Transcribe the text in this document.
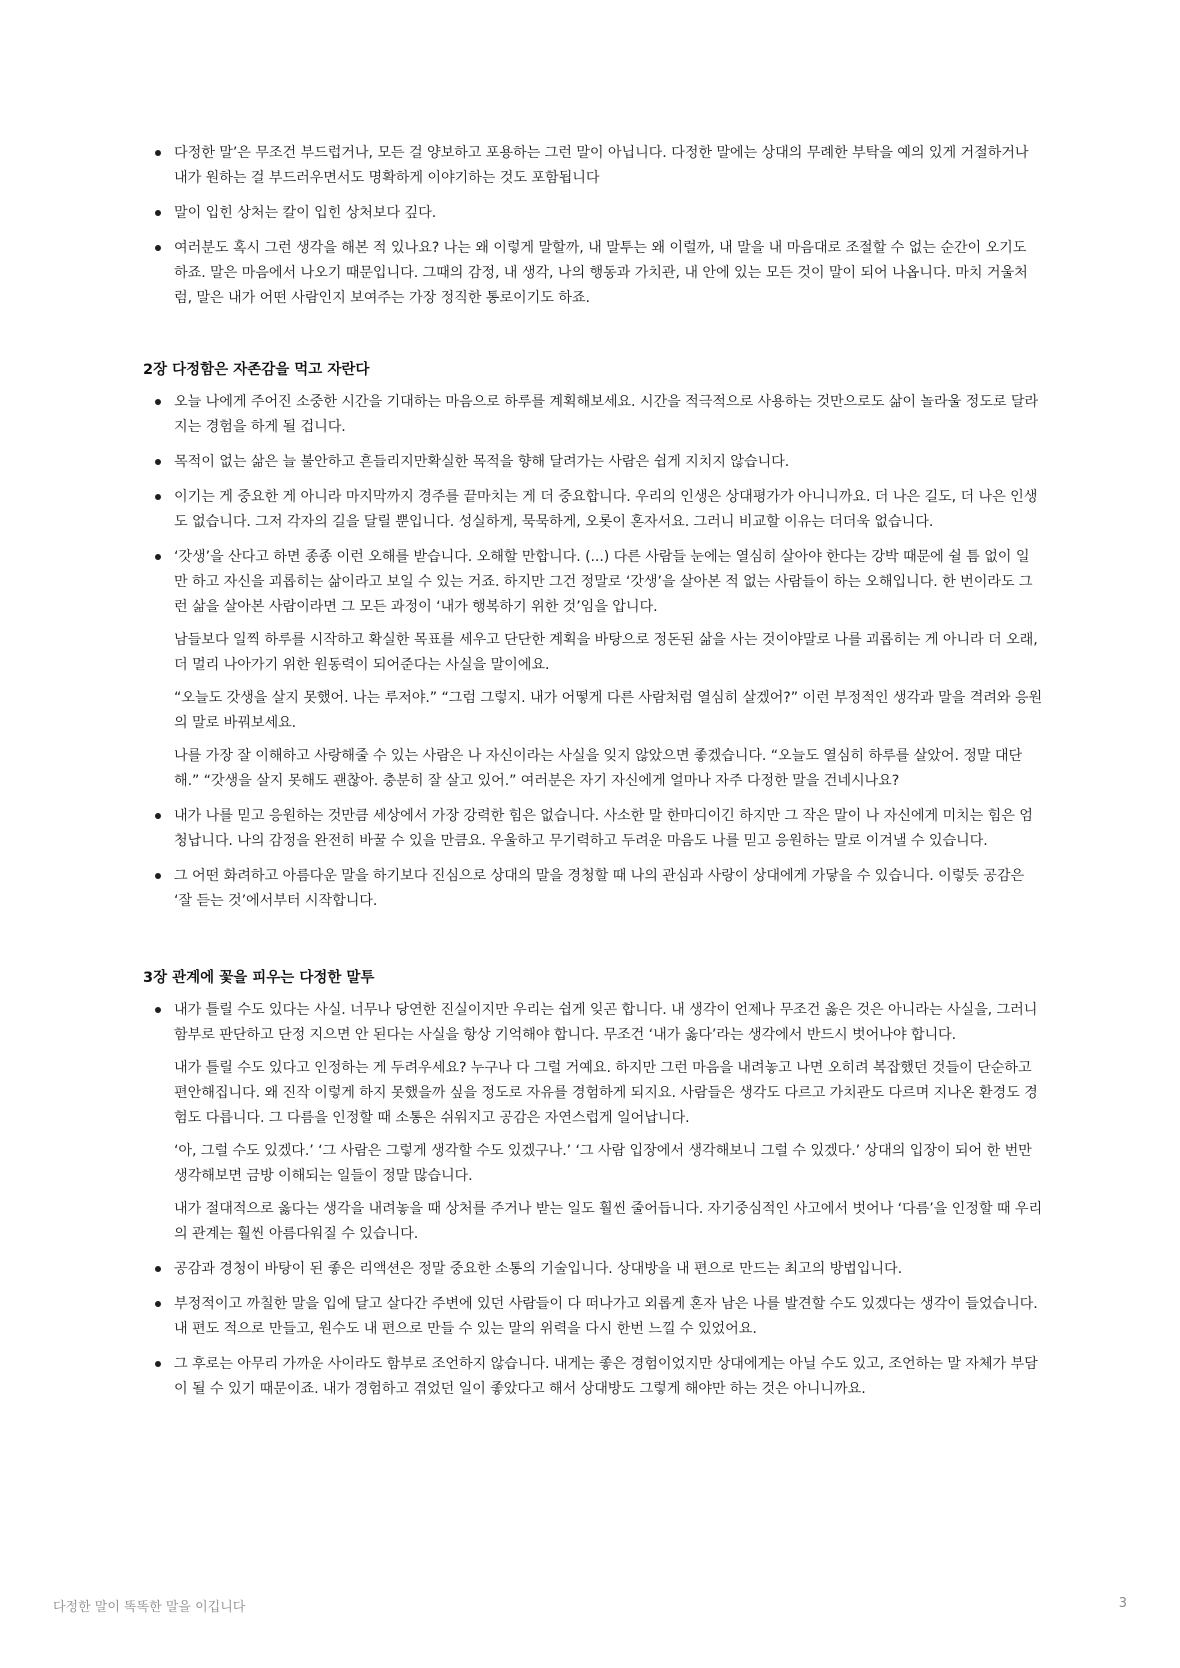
다정한 말’은 무조건 부드럽거나, 모든 걸 양보하고 포용하는 그런 말이 아닙니다. 다정한 말에는 상대의 무례한 부탁을 예의 있게 거절하거나 내가 원하는 걸 부드러우면서도 명확하게 이야기하는 것도 포함됩니다

말이 입힌 상처는 칼이 입힌 상처보다 깊다.

여러분도 혹시 그런 생각을 해본 적 있나요? 나는 왜 이렇게 말할까, 내 말투는 왜 이럴까, 내 말을 내 마음대로 조절할 수 없는 순간이 오기도 하죠. 말은 마음에서 나오기 때문입니다. 그때의 감정, 내 생각, 나의 행동과 가치관, 내 안에 있는 모든 것이 말이 되어 나옵니다. 마치 거울처럼, 말은 내가 어떤 사람인지 보여주는 가장 정직한 통로이기도 하죠.

2장 다정함은 자존감을 먹고 자란다

오늘 나에게 주어진 소중한 시간을 기대하는 마음으로 하루를 계획해보세요. 시간을 적극적으로 사용하는 것만으로도 삶이 놀라울 정도로 달라지는 경험을 하게 될 겁니다.

목적이 없는 삶은 늘 불안하고 흔들리지만확실한 목적을 향해 달려가는 사람은 쉽게 지치지 않습니다.

이기는 게 중요한 게 아니라 마지막까지 경주를 끝마치는 게 더 중요합니다. 우리의 인생은 상대평가가 아니니까요. 더 나은 길도, 더 나은 인생도 없습니다. 그저 각자의 길을 달릴 뿐입니다. 성실하게, 묵묵하게, 오롯이 혼자서요. 그러니 비교할 이유는 더더욱 없습니다.

‘갓생’을 산다고 하면 종종 이런 오해를 받습니다. 오해할 만합니다. (...) 다른 사람들 눈에는 열심히 살아야 한다는 강박 때문에 쉴 틈 없이 일만 하고 자신을 괴롭히는 삶이라고 보일 수 있는 거죠. 하지만 그건 정말로 ‘갓생’을 살아본 적 없는 사람들이 하는 오해입니다. 한 번이라도 그런 삶을 살아본 사람이라면 그 모든 과정이 ‘내가 행복하기 위한 것’임을 압니다.

남들보다 일찍 하루를 시작하고 확실한 목표를 세우고 단단한 계획을 바탕으로 정돈된 삶을 사는 것이야말로 나를 괴롭히는 게 아니라 더 오래, 더 멀리 나아가기 위한 원동력이 되어준다는 사실을 말이에요.

“오늘도 갓생을 살지 못했어. 나는 루저야.” “그럼 그렇지. 내가 어떻게 다른 사람처럼 열심히 살겠어?” 이런 부정적인 생각과 말을 격려와 응원의 말로 바꿔보세요.

나를 가장 잘 이해하고 사랑해줄 수 있는 사람은 나 자신이라는 사실을 잊지 않았으면 좋겠습니다. “오늘도 열심히 하루를 살았어. 정말 대단해.” “갓생을 살지 못해도 괜찮아. 충분히 잘 살고 있어.” 여러분은 자기 자신에게 얼마나 자주 다정한 말을 건네시나요?

내가 나를 믿고 응원하는 것만큼 세상에서 가장 강력한 힘은 없습니다. 사소한 말 한마디이긴 하지만 그 작은 말이 나 자신에게 미치는 힘은 엄청납니다. 나의 감정을 완전히 바꿀 수 있을 만큼요. 우울하고 무기력하고 두려운 마음도 나를 믿고 응원하는 말로 이겨낼 수 있습니다.

그 어떤 화려하고 아름다운 말을 하기보다 진심으로 상대의 말을 경청할 때 나의 관심과 사랑이 상대에게 가닿을 수 있습니다. 이렇듯 공감은 ‘잘 듣는 것’에서부터 시작합니다.

3장 관계에 꽃을 피우는 다정한 말투

내가 틀릴 수도 있다는 사실. 너무나 당연한 진실이지만 우리는 쉽게 잊곤 합니다. 내 생각이 언제나 무조건 옳은 것은 아니라는 사실을, 그러니 함부로 판단하고 단정 지으면 안 된다는 사실을 항상 기억해야 합니다. 무조건 ‘내가 옳다’라는 생각에서 반드시 벗어나야 합니다.

내가 틀릴 수도 있다고 인정하는 게 두려우세요? 누구나 다 그럴 거예요. 하지만 그런 마음을 내려놓고 나면 오히려 복잡했던 것들이 단순하고 편안해집니다. 왜 진작 이렇게 하지 못했을까 싶을 정도로 자유를 경험하게 되지요. 사람들은 생각도 다르고 가치관도 다르며 지나온 환경도 경험도 다릅니다. 그 다름을 인정할 때 소통은 쉬워지고 공감은 자연스럽게 일어납니다.

‘아, 그럴 수도 있겠다.’ ‘그 사람은 그렇게 생각할 수도 있겠구나.’ ‘그 사람 입장에서 생각해보니 그럴 수 있겠다.’ 상대의 입장이 되어 한 번만 생각해보면 금방 이해되는 일들이 정말 많습니다.

내가 절대적으로 옳다는 생각을 내려놓을 때 상처를 주거나 받는 일도 훨씬 줄어듭니다. 자기중심적인 사고에서 벗어나 ‘다름’을 인정할 때 우리의 관계는 훨씬 아름다워질 수 있습니다.

공감과 경청이 바탕이 된 좋은 리액션은 정말 중요한 소통의 기술입니다. 상대방을 내 편으로 만드는 최고의 방법입니다.

부정적이고 까칠한 말을 입에 달고 살다간 주변에 있던 사람들이 다 떠나가고 외롭게 혼자 남은 나를 발견할 수도 있겠다는 생각이 들었습니다. 내 편도 적으로 만들고, 원수도 내 편으로 만들 수 있는 말의 위력을 다시 한번 느낄 수 있었어요.

그 후로는 아무리 가까운 사이라도 함부로 조언하지 않습니다. 내게는 좋은 경험이었지만 상대에게는 아닐 수도 있고, 조언하는 말 자체가 부담이 될 수 있기 때문이죠. 내가 경험하고 겪었던 일이 좋았다고 해서 상대방도 그렇게 해야만 하는 것은 아니니까요.

다정한 말이 똑똑한 말을 이깁니다	3
